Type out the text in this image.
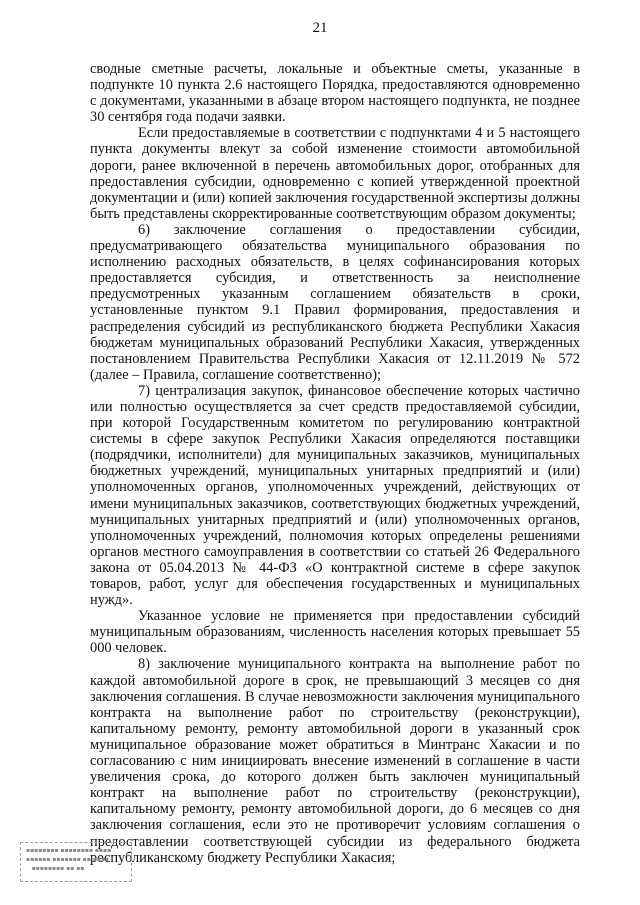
21

сводные сметные расчеты, локальные и объектные сметы, указанные в подпункте 10 пункта 2.6 настоящего Порядка, предоставляются одновременно с документами, указанными в абзаце втором настоящего подпункта, не позднее 30 сентября года подачи заявки.

Если предоставляемые в соответствии с подпунктами 4 и 5 настоящего пункта документы влекут за собой изменение стоимости автомобильной дороги, ранее включенной в перечень автомобильных дорог, отобранных для предоставления субсидии, одновременно с копией утвержденной проектной документации и (или) копией заключения государственной экспертизы должны быть представлены скорректированные соответствующим образом документы;

6) заключение соглашения о предоставлении субсидии, предусматривающего обязательства муниципального образования по исполнению расходных обязательств, в целях софинансирования которых предоставляется субсидия, и ответственность за неисполнение предусмотренных указанным соглашением обязательств в сроки, установленные пунктом 9.1 Правил формирования, предоставления и распределения субсидий из республиканского бюджета Республики Хакасия бюджетам муниципальных образований Республики Хакасия, утвержденных постановлением Правительства Республики Хакасия от 12.11.2019 № 572 (далее – Правила, соглашение соответственно);

7) централизация закупок, финансовое обеспечение которых частично или полностью осуществляется за счет средств предоставляемой субсидии, при которой Государственным комитетом по регулированию контрактной системы в сфере закупок Республики Хакасия определяются поставщики (подрядчики, исполнители) для муниципальных заказчиков, муниципальных бюджетных учреждений, муниципальных унитарных предприятий и (или) уполномоченных органов, уполномоченных учреждений, действующих от имени муниципальных заказчиков, соответствующих бюджетных учреждений, муниципальных унитарных предприятий и (или) уполномоченных органов, уполномоченных учреждений, полномочия которых определены решениями органов местного самоуправления в соответствии со статьей 26 Федерального закона от 05.04.2013 № 44-ФЗ «О контрактной системе в сфере закупок товаров, работ, услуг для обеспечения государственных и муниципальных нужд».

Указанное условие не применяется при предоставлении субсидий муниципальным образованиям, численность населения которых превышает 55 000 человек.

8) заключение муниципального контракта на выполнение работ по каждой автомобильной дороге в срок, не превышающий 3 месяцев со дня заключения соглашения. В случае невозможности заключения муниципального контракта на выполнение работ по строительству (реконструкции), капитальному ремонту, ремонту автомобильной дороги в указанный срок муниципальное образование может обратиться в Минтранс Хакасии и по согласованию с ним инициировать внесение изменений в соглашение в части увеличения срока, до которого должен быть заключен муниципальный контракт на выполнение работ по строительству (реконструкции), капитальному ремонту, ремонту автомобильной дороги, до 6 месяцев со дня заключения соглашения, если это не противоречит условиям соглашения о предоставлении соответствующей субсидии из федерального бюджета республиканскому бюджету Республики Хакасия;

▪▪▪▪▪▪▪▪ ▪▪▪▪▪▪▪▪ ▪▪▪▪
▪▪▪▪▪▪ ▪▪▪▪▪▪▪ ▪▪ ▪▪▪▪
▪▪▪▪▪▪▪▪ ▪▪ ▪▪
